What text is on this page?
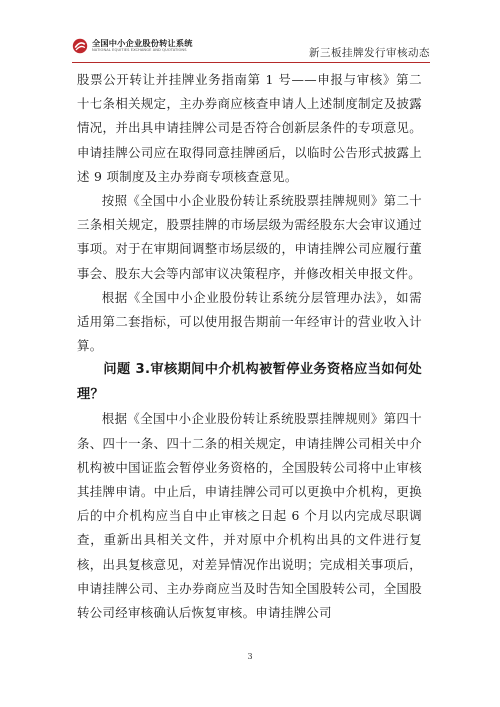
全国中小企业股份转让系统
NATIONAL EQUITIES EXCHANGE AND QUOTATIONS	新三板挂牌发行审核动态

股票公开转让并挂牌业务指南第 1 号——申报与审核》第二十七条相关规定，主办券商应核查申请人上述制度制定及披露情况，并出具申请挂牌公司是否符合创新层条件的专项意见。申请挂牌公司应在取得同意挂牌函后，以临时公告形式披露上述 9 项制度及主办券商专项核查意见。

按照《全国中小企业股份转让系统股票挂牌规则》第二十三条相关规定，股票挂牌的市场层级为需经股东大会审议通过事项。对于在审期间调整市场层级的，申请挂牌公司应履行董事会、股东大会等内部审议决策程序，并修改相关申报文件。

根据《全国中小企业股份转让系统分层管理办法》，如需适用第二套指标，可以使用报告期前一年经审计的营业收入计算。

问题 3.审核期间中介机构被暂停业务资格应当如何处理？

根据《全国中小企业股份转让系统股票挂牌规则》第四十条、四十一条、四十二条的相关规定，申请挂牌公司相关中介机构被中国证监会暂停业务资格的，全国股转公司将中止审核其挂牌申请。中止后，申请挂牌公司可以更换中介机构，更换后的中介机构应当自中止审核之日起 6 个月以内完成尽职调查，重新出具相关文件，并对原中介机构出具的文件进行复核，出具复核意见，对差异情况作出说明；完成相关事项后，申请挂牌公司、主办券商应当及时告知全国股转公司，全国股转公司经审核确认后恢复审核。申请挂牌公司

3
